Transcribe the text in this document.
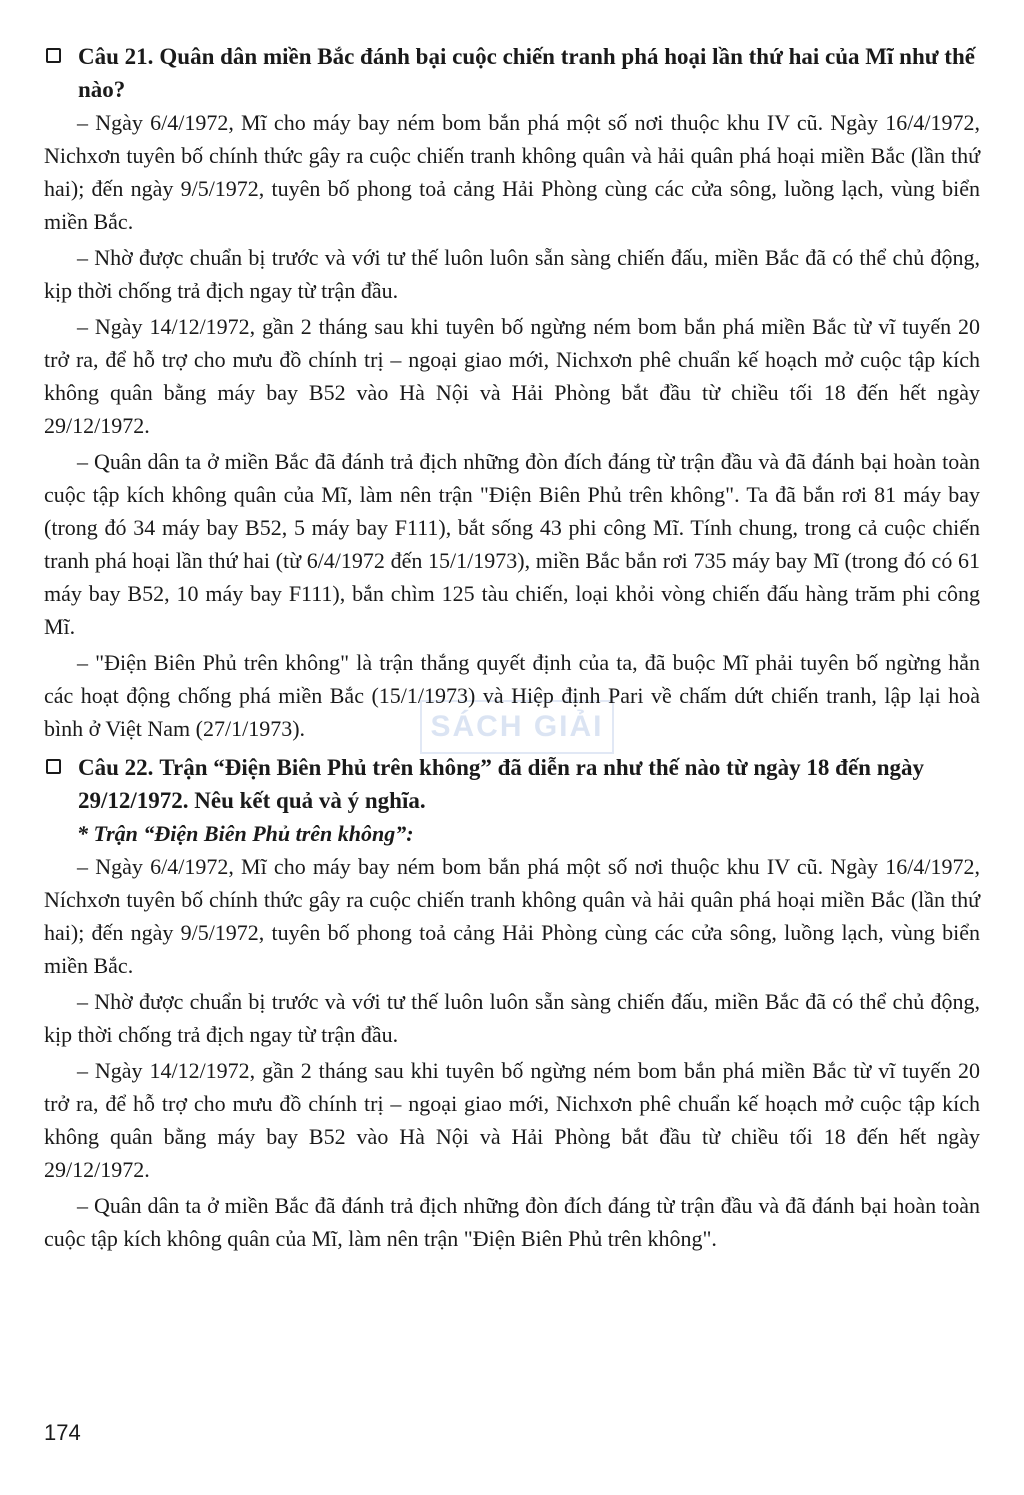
SÁCH GIẢI

Câu 21. Quân dân miền Bắc đánh bại cuộc chiến tranh phá hoại lần thứ hai của Mĩ như thế nào?

– Ngày 6/4/1972, Mĩ cho máy bay ném bom bắn phá một số nơi thuộc khu IV cũ. Ngày 16/4/1972, Nichxơn tuyên bố chính thức gây ra cuộc chiến tranh không quân và hải quân phá hoại miền Bắc (lần thứ hai); đến ngày 9/5/1972, tuyên bố phong toả cảng Hải Phòng cùng các cửa sông, luồng lạch, vùng biển miền Bắc.

– Nhờ được chuẩn bị trước và với tư thế luôn luôn sẵn sàng chiến đấu, miền Bắc đã có thể chủ động, kịp thời chống trả địch ngay từ trận đầu.

– Ngày 14/12/1972, gần 2 tháng sau khi tuyên bố ngừng ném bom bắn phá miền Bắc từ vĩ tuyến 20 trở ra, để hỗ trợ cho mưu đồ chính trị – ngoại giao mới, Nichxơn phê chuẩn kế hoạch mở cuộc tập kích không quân bằng máy bay B52 vào Hà Nội và Hải Phòng bắt đầu từ chiều tối 18 đến hết ngày 29/12/1972.

– Quân dân ta ở miền Bắc đã đánh trả địch những đòn đích đáng từ trận đầu và đã đánh bại hoàn toàn cuộc tập kích không quân của Mĩ, làm nên trận "Điện Biên Phủ trên không". Ta đã bắn rơi 81 máy bay (trong đó 34 máy bay B52, 5 máy bay F111), bắt sống 43 phi công Mĩ. Tính chung, trong cả cuộc chiến tranh phá hoại lần thứ hai (từ 6/4/1972 đến 15/1/1973), miền Bắc bắn rơi 735 máy bay Mĩ (trong đó có 61 máy bay B52, 10 máy bay F111), bắn chìm 125 tàu chiến, loại khỏi vòng chiến đấu hàng trăm phi công Mĩ.

– "Điện Biên Phủ trên không" là trận thắng quyết định của ta, đã buộc Mĩ phải tuyên bố ngừng hẳn các hoạt động chống phá miền Bắc (15/1/1973) và Hiệp định Pari về chấm dứt chiến tranh, lập lại hoà bình ở Việt Nam (27/1/1973).

Câu 22. Trận “Điện Biên Phủ trên không” đã diễn ra như thế nào từ ngày 18 đến ngày 29/12/1972. Nêu kết quả và ý nghĩa.

* Trận “Điện Biên Phủ trên không”:

– Ngày 6/4/1972, Mĩ cho máy bay ném bom bắn phá một số nơi thuộc khu IV cũ. Ngày 16/4/1972, Níchxơn tuyên bố chính thức gây ra cuộc chiến tranh không quân và hải quân phá hoại miền Bắc (lần thứ hai); đến ngày 9/5/1972, tuyên bố phong toả cảng Hải Phòng cùng các cửa sông, luồng lạch, vùng biển miền Bắc.

– Nhờ được chuẩn bị trước và với tư thế luôn luôn sẵn sàng chiến đấu, miền Bắc đã có thể chủ động, kịp thời chống trả địch ngay từ trận đầu.

– Ngày 14/12/1972, gần 2 tháng sau khi tuyên bố ngừng ném bom bắn phá miền Bắc từ vĩ tuyến 20 trở ra, để hỗ trợ cho mưu đồ chính trị – ngoại giao mới, Nichxơn phê chuẩn kế hoạch mở cuộc tập kích không quân bằng máy bay B52 vào Hà Nội và Hải Phòng bắt đầu từ chiều tối 18 đến hết ngày 29/12/1972.

– Quân dân ta ở miền Bắc đã đánh trả địch những đòn đích đáng từ trận đầu và đã đánh bại hoàn toàn cuộc tập kích không quân của Mĩ, làm nên trận "Điện Biên Phủ trên không".

174
